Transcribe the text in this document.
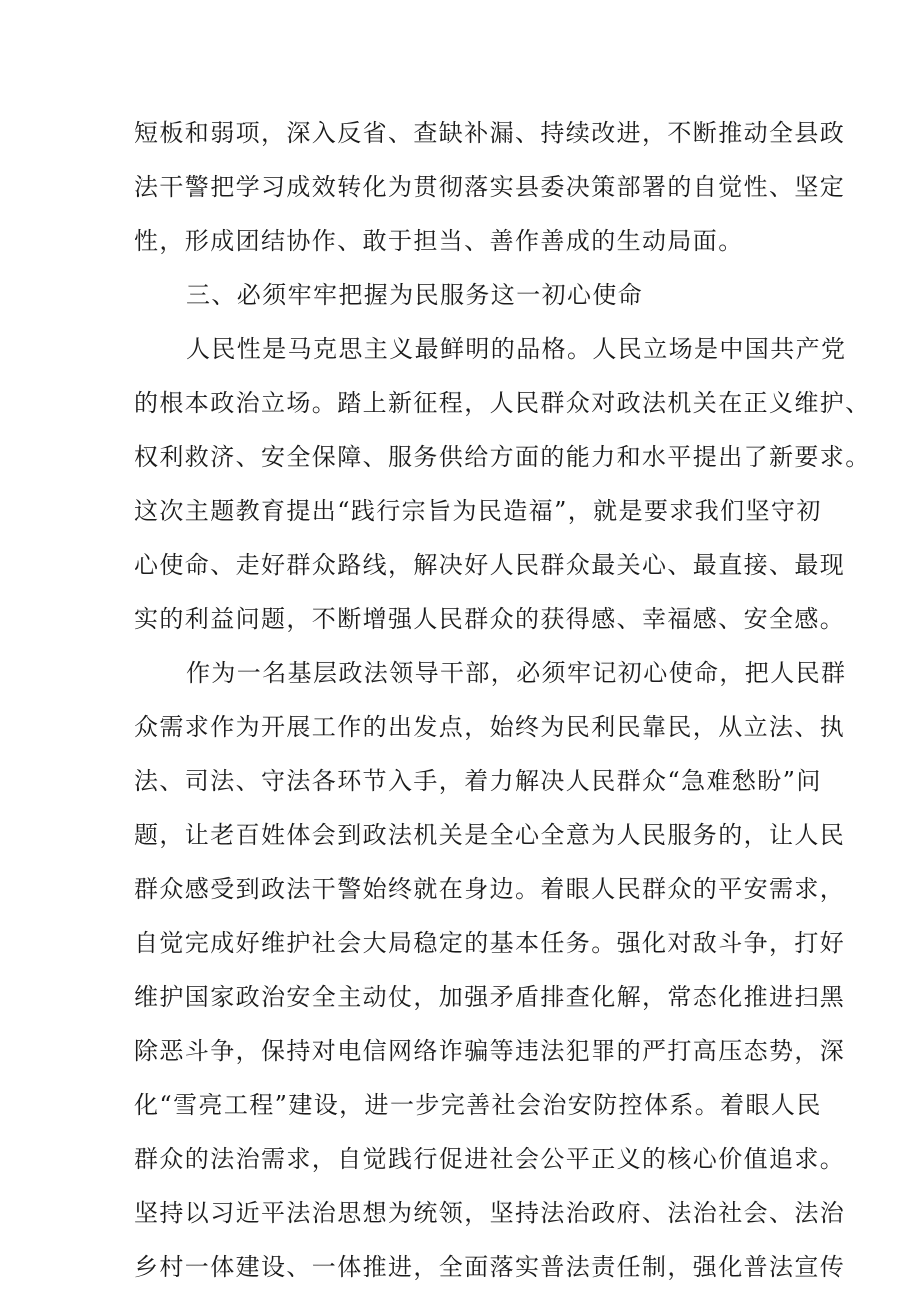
短板和弱项，深入反省、查缺补漏、持续改进，不断推动全县政
法干警把学习成效转化为贯彻落实县委决策部署的自觉性、坚定
性，形成团结协作、敢于担当、善作善成的生动局面。
三、必须牢牢把握为民服务这一初心使命
人民性是马克思主义最鲜明的品格。人民立场是中国共产党
的根本政治立场。踏上新征程，人民群众对政法机关在正义维护、
权利救济、安全保障、服务供给方面的能力和水平提出了新要求。
这次主题教育提出“践行宗旨为民造福”，就是要求我们坚守初
心使命、走好群众路线，解决好人民群众最关心、最直接、最现
实的利益问题，不断增强人民群众的获得感、幸福感、安全感。
作为一名基层政法领导干部，必须牢记初心使命，把人民群
众需求作为开展工作的出发点，始终为民利民靠民，从立法、执
法、司法、守法各环节入手，着力解决人民群众“急难愁盼”问
题，让老百姓体会到政法机关是全心全意为人民服务的，让人民
群众感受到政法干警始终就在身边。着眼人民群众的平安需求，
自觉完成好维护社会大局稳定的基本任务。强化对敌斗争，打好
维护国家政治安全主动仗，加强矛盾排查化解，常态化推进扫黑
除恶斗争，保持对电信网络诈骗等违法犯罪的严打高压态势，深
化“雪亮工程”建设，进一步完善社会治安防控体系。着眼人民
群众的法治需求，自觉践行促进社会公平正义的核心价值追求。
坚持以习近平法治思想为统领，坚持法治政府、法治社会、法治
乡村一体建设、一体推进，全面落实普法责任制，强化普法宣传
